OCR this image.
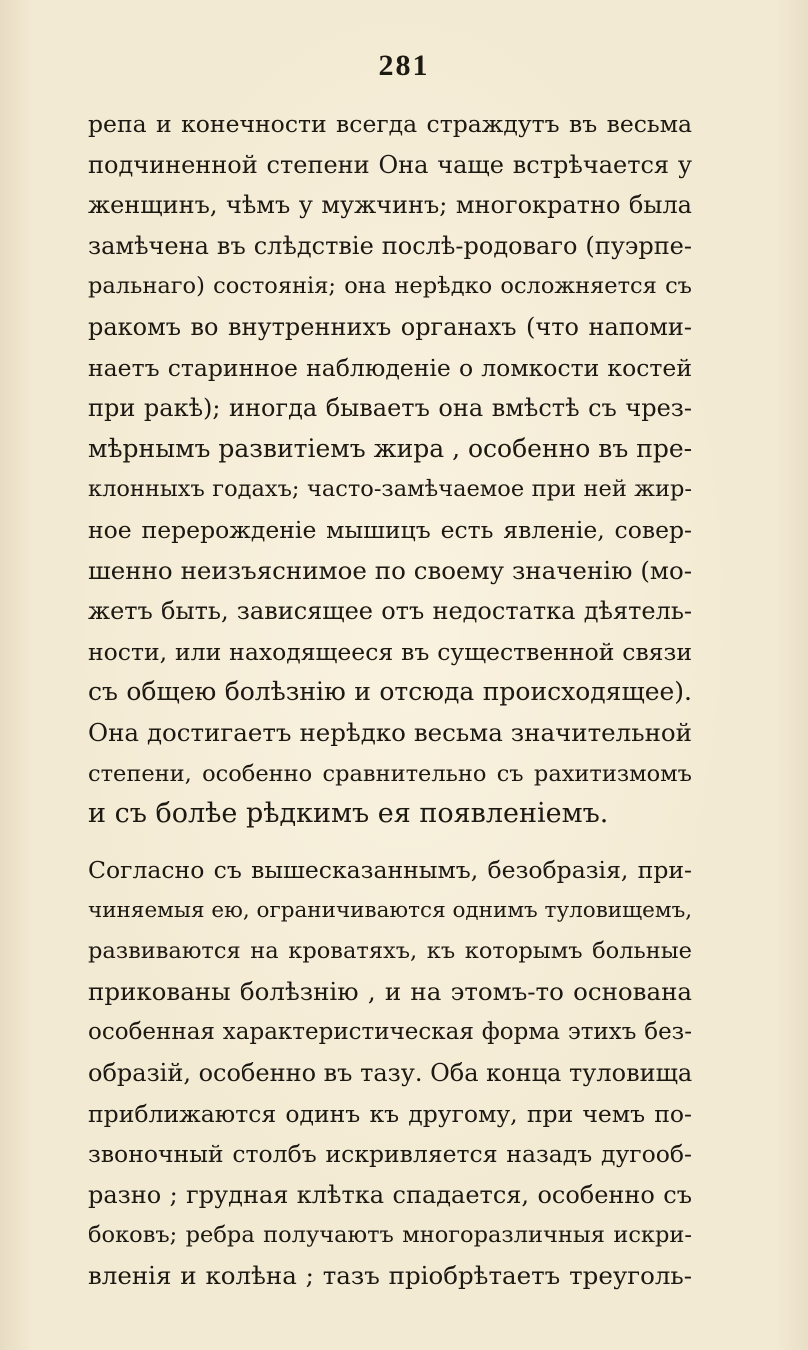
281
репа и конечности всегда страждутъ въ весьма
подчиненной степени Она чаще встрѣчается у
женщинъ, чѣмъ у мужчинъ; многократно была
замѣчена въ слѣдствіе послѣ-родоваго (пуэрпе-
ральнаго) состоянія; она нерѣдко осложняется съ
ракомъ во внутреннихъ органахъ (что напоми-
наетъ старинное наблюденіе о ломкости костей
при ракѣ); иногда бываетъ она вмѣстѣ съ чрез-
мѣрнымъ развитіемъ жира , особенно въ пре-
клонныхъ годахъ; часто-замѣчаемое при ней жир-
ное перерожденіе мышицъ есть явленіе, совер-
шенно неизъяснимое по своему значенію (мо-
жетъ быть, зависящее отъ недостатка дѣятель-
ности, или находящееся въ существенной связи
съ общею болѣзнію и отсюда происходящее).
Она достигаетъ нерѣдко весьма значительной
степени, особенно сравнительно съ рахитизмомъ
и съ болѣе рѣдкимъ ея появленіемъ.
Согласно съ вышесказаннымъ, безобразія, при-
чиняемыя ею, ограничиваются однимъ туловищемъ,
развиваются на кроватяхъ, къ которымъ больные
прикованы болѣзнію , и на этомъ-то основана
особенная характеристическая форма этихъ без-
образій, особенно въ тазу. Оба конца туловища
приближаются одинъ къ другому, при чемъ по-
звоночный столбъ искривляется назадъ дугооб-
разно ; грудная клѣтка спадается, особенно съ
боковъ; ребра получаютъ многоразличныя искри-
вленія и колѣна ; тазъ пріобрѣтаетъ треуголь-
